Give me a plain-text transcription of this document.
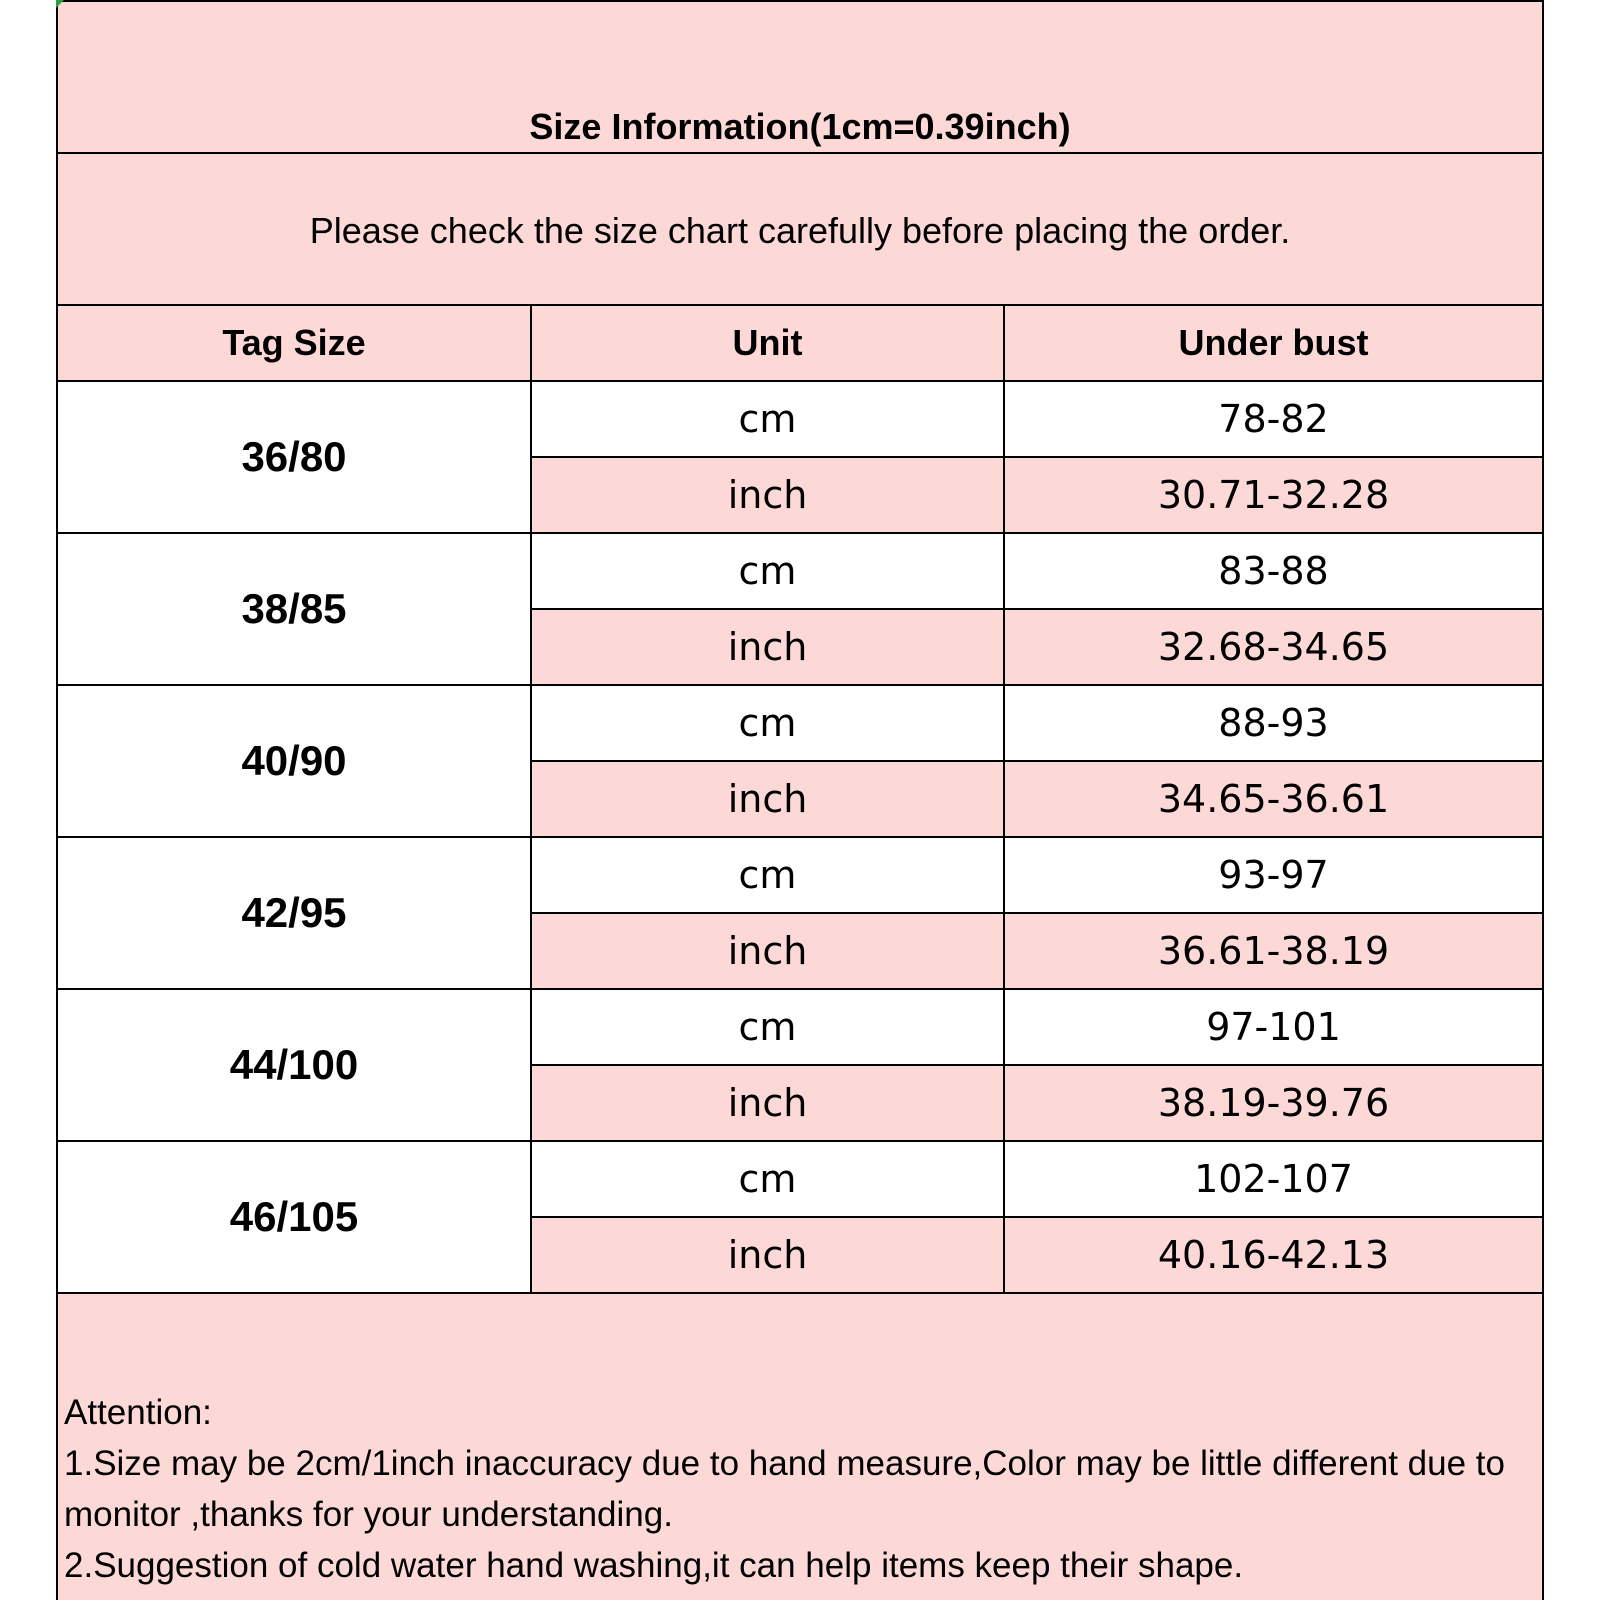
Size Information(1cm=0.39inch)
Please check the size chart carefully before placing the order.
Tag Size	Unit	Under bust
36/80	cm	78-82
	inch	30.71-32.28
38/85	cm	83-88
	inch	32.68-34.65
40/90	cm	88-93
	inch	34.65-36.61
42/95	cm	93-97
	inch	36.61-38.19
44/100	cm	97-101
	inch	38.19-39.76
46/105	cm	102-107
	inch	40.16-42.13
Attention:
1.Size may be 2cm/1inch inaccuracy due to hand measure,Color may be little different due to monitor ,thanks for your understanding.
2.Suggestion of cold water hand washing,it can help items keep their shape.
